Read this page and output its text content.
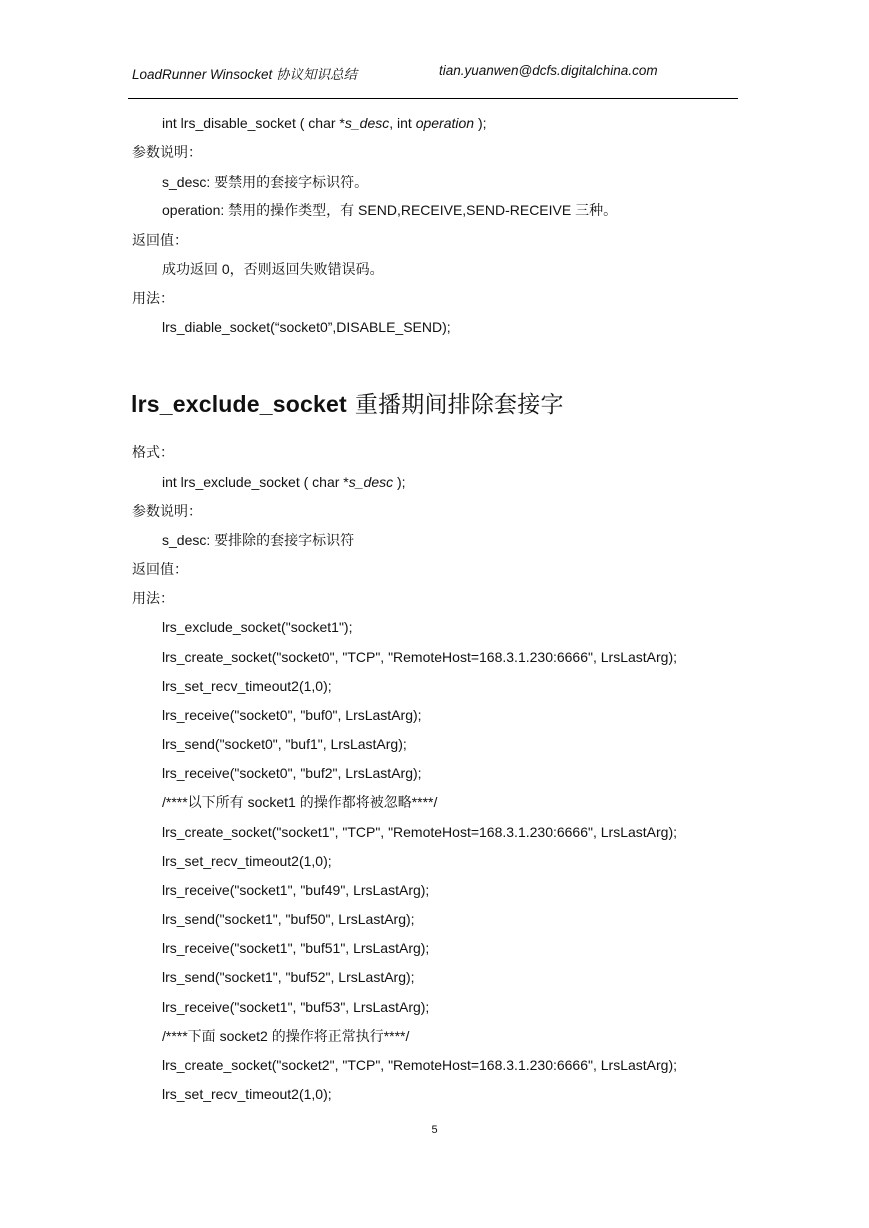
LoadRunner Winsocket 协议知识总结	tian.yuanwen@dcfs.digitalchina.com
int lrs_disable_socket ( char *s_desc, int operation );
参数说明：
s_desc: 要禁用的套接字标识符。
operation: 禁用的操作类型，有 SEND,RECEIVE,SEND-RECEIVE 三种。
返回值：
成功返回 0，否则返回失败错误码。
用法：
lrs_diable_socket(“socket0”,DISABLE_SEND);
lrs_exclude_socket 重播期间排除套接字
格式：
int lrs_exclude_socket ( char *s_desc );
参数说明：
s_desc: 要排除的套接字标识符
返回值：
用法：
lrs_exclude_socket("socket1");
lrs_create_socket("socket0", "TCP", "RemoteHost=168.3.1.230:6666", LrsLastArg);
lrs_set_recv_timeout2(1,0);
lrs_receive("socket0", "buf0", LrsLastArg);
lrs_send("socket0", "buf1", LrsLastArg);
lrs_receive("socket0", "buf2", LrsLastArg);
/****以下所有 socket1 的操作都将被忽略****/
lrs_create_socket("socket1", "TCP", "RemoteHost=168.3.1.230:6666", LrsLastArg);
lrs_set_recv_timeout2(1,0);
lrs_receive("socket1", "buf49", LrsLastArg);
lrs_send("socket1", "buf50", LrsLastArg);
lrs_receive("socket1", "buf51", LrsLastArg);
lrs_send("socket1", "buf52", LrsLastArg);
lrs_receive("socket1", "buf53", LrsLastArg);
/****下面 socket2 的操作将正常执行****/
lrs_create_socket("socket2", "TCP", "RemoteHost=168.3.1.230:6666", LrsLastArg);
lrs_set_recv_timeout2(1,0);
5
